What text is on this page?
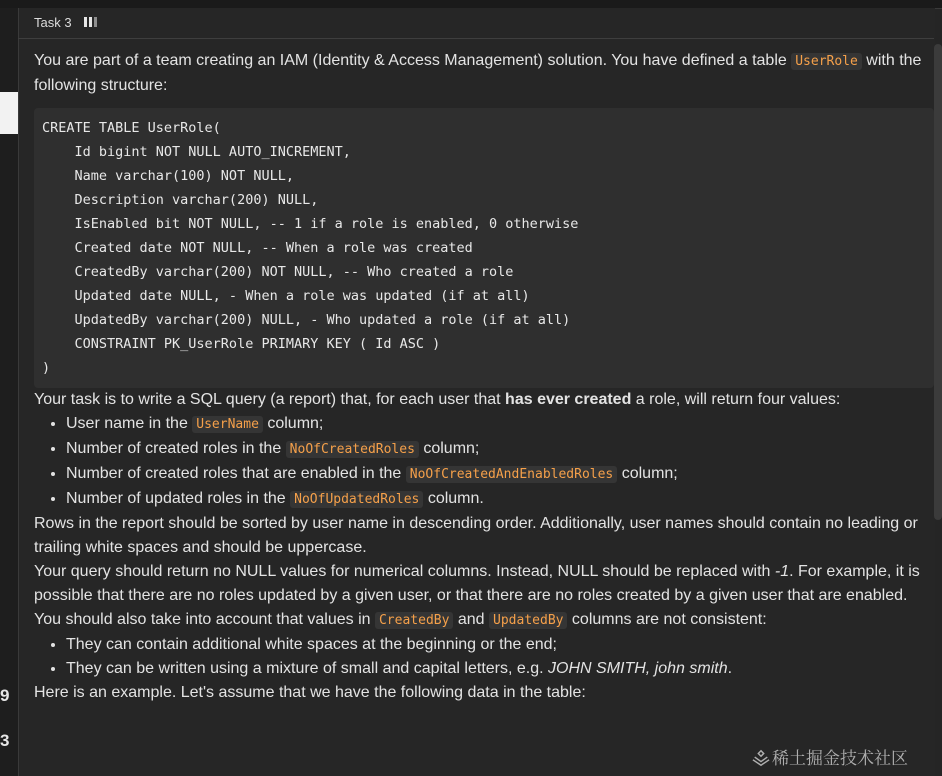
9
3
Task 3

You are part of a team creating an IAM (Identity & Access Management) solution. You have defined a table UserRole with the following structure:

CREATE TABLE UserRole(
Id bigint NOT NULL AUTO_INCREMENT,
Name varchar(100) NOT NULL,
Description varchar(200) NULL,
IsEnabled bit NOT NULL, -- 1 if a role is enabled, 0 otherwise
Created date NOT NULL, -- When a role was created
CreatedBy varchar(200) NOT NULL, -- Who created a role
Updated date NULL, - When a role was updated (if at all)
UpdatedBy varchar(200) NULL, - Who updated a role (if at all)
CONSTRAINT PK_UserRole PRIMARY KEY ( Id ASC )
)

Your task is to write a SQL query (a report) that, for each user that has ever created a role, will return four values:

• User name in the UserName column;
• Number of created roles in the NoOfCreatedRoles column;
• Number of created roles that are enabled in the NoOfCreatedAndEnabledRoles column;
• Number of updated roles in the NoOfUpdatedRoles column.

Rows in the report should be sorted by user name in descending order. Additionally, user names should contain no leading or trailing white spaces and should be uppercase.

Your query should return no NULL values for numerical columns. Instead, NULL should be replaced with -1. For example, it is possible that there are no roles updated by a given user, or that there are no roles created by a given user that are enabled.

You should also take into account that values in CreatedBy and UpdatedBy columns are not consistent:

• They can contain additional white spaces at the beginning or the end;
• They can be written using a mixture of small and capital letters, e.g. JOHN SMITH, john smith.

Here is an example. Let's assume that we have the following data in the table:

稀土掘金技术社区
